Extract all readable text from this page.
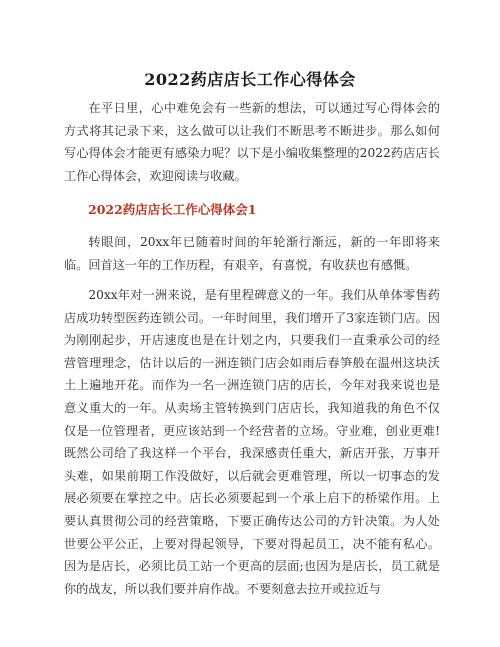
2022药店店长工作心得体会

在平日里，心中难免会有一些新的想法，可以通过写心得体会的方式将其记录下来，这么做可以让我们不断思考不断进步。那么如何写心得体会才能更有感染力呢？以下是小编收集整理的2022药店店长工作心得体会，欢迎阅读与收藏。

2022药店店长工作心得体会1

转眼间，20xx年已随着时间的年轮渐行渐远，新的一年即将来临。回首这一年的工作历程，有艰辛，有喜悦，有收获也有感慨。

20xx年对一洲来说，是有里程碑意义的一年。我们从单体零售药店成功转型医药连锁公司。一年时间里，我们增开了3家连锁门店。因为刚刚起步，开店速度也是在计划之内，只要我们一直秉承公司的经营管理理念，估计以后的一洲连锁门店会如雨后春笋般在温州这块沃土上遍地开花。而作为一名一洲连锁门店的店长，今年对我来说也是意义重大的一年。从卖场主管转换到门店店长，我知道我的角色不仅仅是一位管理者，更应该站到一个经营者的立场。守业难，创业更难!既然公司给了我这样一个平台，我深感责任重大，新店开张，万事开头难，如果前期工作没做好，以后就会更难管理，所以一切事态的发展必须要在掌控之中。店长必须要起到一个承上启下的桥梁作用。上要认真贯彻公司的经营策略，下要正确传达公司的方针决策。为人处世要公平公正，上要对得起领导，下要对得起员工，决不能有私心。因为是店长，必须比员工站一个更高的层面;也因为是店长，员工就是你的战友，所以我们要并肩作战。不要刻意去拉开或拉近与
